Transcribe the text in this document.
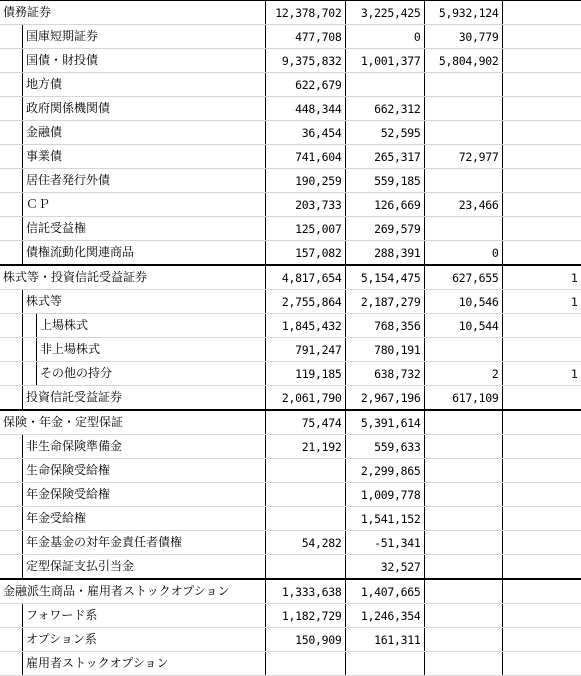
債務証券	12,378,702	3,225,425	5,932,124	

国庫短期証券	477,708	0	30,779	

国債・財投債	9,375,832	1,001,377	5,804,902	

地方債	622,679			

政府関係機関債	448,344	662,312		

金融債	36,454	52,595		

事業債	741,604	265,317	72,977	

居住者発行外債	190,259	559,185		

ＣＰ	203,733	126,669	23,466	

信託受益権	125,007	269,579		

債権流動化関連商品	157,082	288,391	0	

株式等・投資信託受益証券	4,817,654	5,154,475	627,655	1

株式等	2,755,864	2,187,279	10,546	1

上場株式	1,845,432	768,356	10,544	

非上場株式	791,247	780,191		

その他の持分	119,185	638,732	2	1

投資信託受益証券	2,061,790	2,967,196	617,109	

保険・年金・定型保証	75,474	5,391,614		

非生命保険準備金	21,192	559,633		

生命保険受給権		2,299,865		

年金保険受給権		1,009,778		

年金受給権		1,541,152		

年金基金の対年金責任者債権	54,282	-51,341		

定型保証支払引当金		32,527		

金融派生商品・雇用者ストックオプション	1,333,638	1,407,665		

フォワード系	1,182,729	1,246,354		

オプション系	150,909	161,311		

雇用者ストックオプション				
